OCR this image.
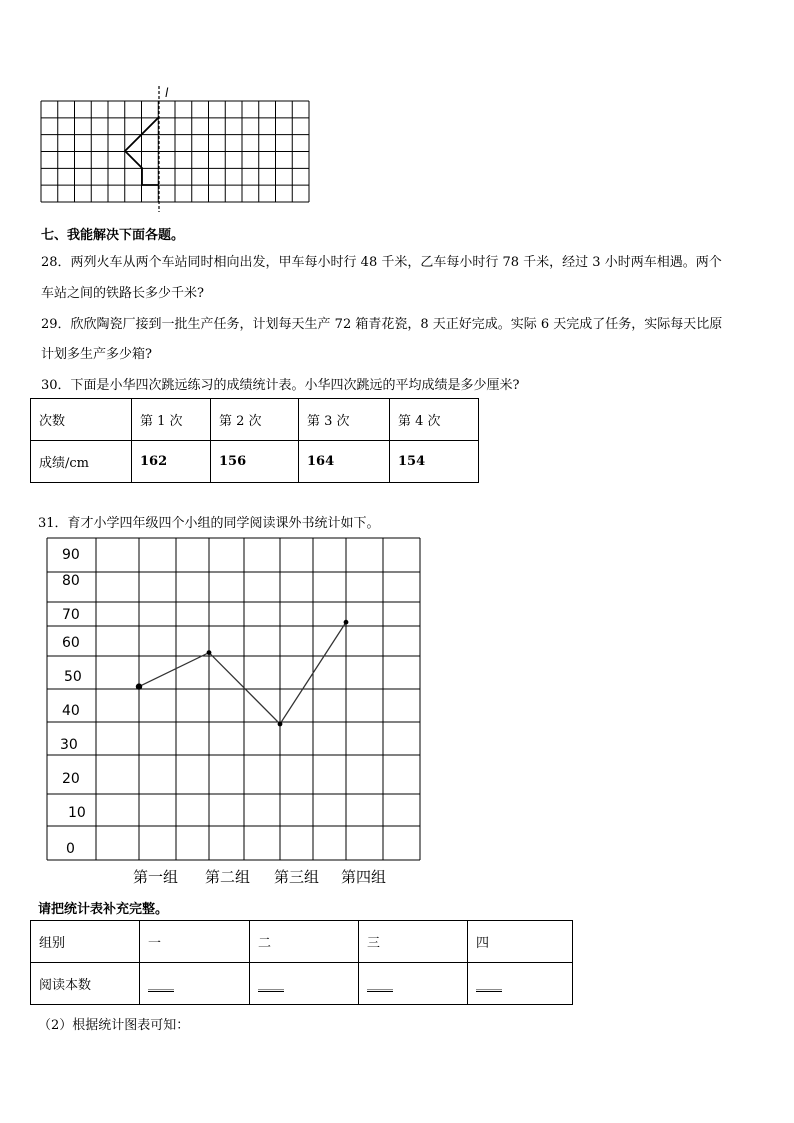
l
七、我能解决下面各题。
28．两列火车从两个车站同时相向出发，甲车每小时行 48 千米，乙车每小时行 78 千米，经过 3 小时两车相遇。两个
车站之间的铁路长多少千米?
29．欣欣陶瓷厂接到一批生产任务，计划每天生产 72 箱青花瓷，8 天正好完成。实际 6 天完成了任务，实际每天比原
计划多生产多少箱?
30．下面是小华四次跳远练习的成绩统计表。小华四次跳远的平均成绩是多少厘米?
次数	第 1 次	第 2 次	第 3 次	第 4 次
成绩/cm	162	156	164	154
31．育才小学四年级四个小组的同学阅读课外书统计如下。
0
10
20
30
40
50
60
70
80
90
第一组 第二组 第三组 第四组
请把统计表补充完整。
组别	一	二	三	四
阅读本数	____	____	____	____
（2）根据统计图表可知：
